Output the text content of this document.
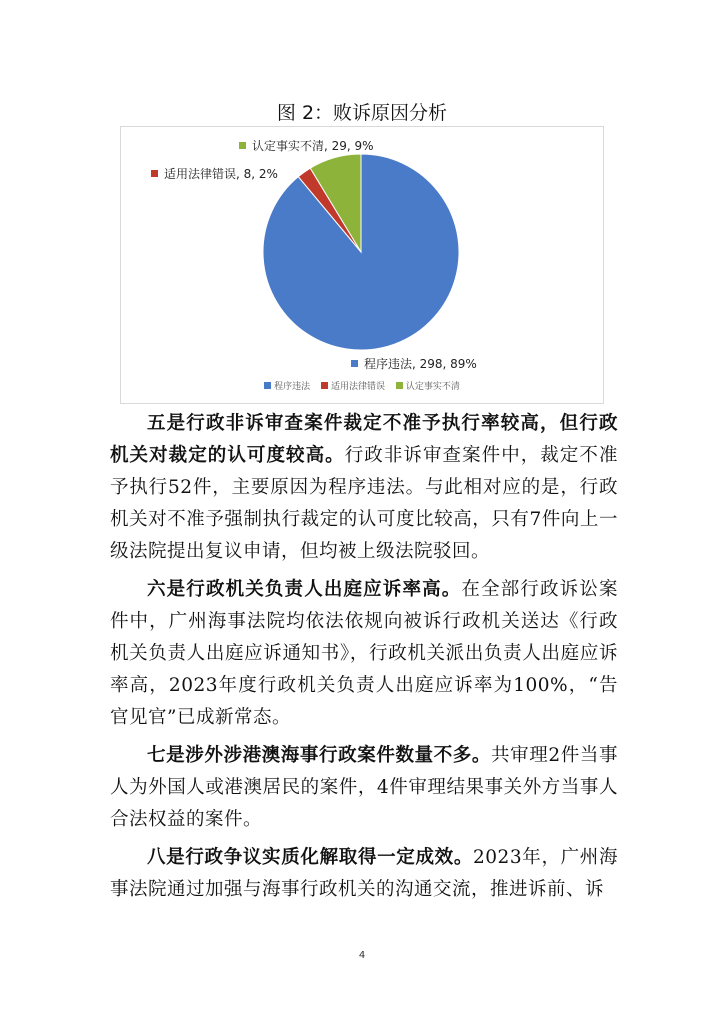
图 2：败诉原因分析
程序违法, 298, 89%
适用法律错误, 8, 2%
认定事实不清, 29, 9%
程序违法 适用法律错误 认定事实不清

五是行政非诉审查案件裁定不准予执行率较高，但行政机关对裁定的认可度较高。行政非诉审查案件中，裁定不准予执行52件，主要原因为程序违法。与此相对应的是，行政机关对不准予强制执行裁定的认可度比较高，只有7件向上一级法院提出复议申请，但均被上级法院驳回。

六是行政机关负责人出庭应诉率高。在全部行政诉讼案件中，广州海事法院均依法依规向被诉行政机关送达《行政机关负责人出庭应诉通知书》，行政机关派出负责人出庭应诉率高，2023年度行政机关负责人出庭应诉率为100%，“告官见官”已成新常态。

七是涉外涉港澳海事行政案件数量不多。共审理2件当事人为外国人或港澳居民的案件，4件审理结果事关外方当事人合法权益的案件。

八是行政争议实质化解取得一定成效。2023年，广州海事法院通过加强与海事行政机关的沟通交流，推进诉前、诉

4
